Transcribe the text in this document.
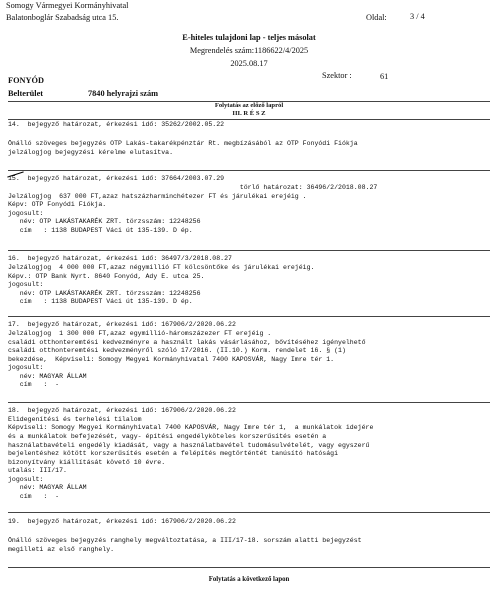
Somogy Vármegyei Kormányhivatal
Balatonboglár Szabadság utca 15.	Oldal:	3 / 4
E-hiteles tulajdoni lap - teljes másolat
Megrendelés szám:1186622/4/2025
2025.08.17
Szektor :	61
FONYÓD
Belterület	7840 helyrajzi szám
Folytatás az előző lapról
III. R É S Z
14.  bejegyző határozat, érkezési idő: 35262/2002.05.22
Önálló szöveges bejegyzés OTP Lakás-takarékpénztár Rt. megbízásából az OTP Fonyódi Fiókja
jelzálogjog bejegyzési kérelme elutasítva.
15.  bejegyző határozat, érkezési idő: 37664/2003.07.29
törlő határozat: 36496/2/2018.08.27
Jelzálogjog  637 000 FT,azaz hatszázharminchétezer FT és járulékai erejéig .
Képv: OTP Fonyódi Fiókja.
jogosult:
név: OTP LAKÁSTAKARÉK ZRT. törzsszám: 12248256
cím   : 1138 BUDAPEST Váci út 135-139. D ép.
16.  bejegyző határozat, érkezési idő: 36497/3/2018.08.27
Jelzálogjog  4 000 000 FT,azaz négymillió FT kölcsöntőke és járulékai erejéig.
Képv.: OTP Bank Nyrt. 8640 Fonyód, Ady E. utca 25.
jogosult:
név: OTP LAKÁSTAKARÉK ZRT. törzsszám: 12248256
cím   : 1138 BUDAPEST Váci út 135-139. D ép.
17.  bejegyző határozat, érkezési idő: 167906/2/2020.06.22
Jelzálogjog  1 300 000 FT,azaz egymillió-háromszázezer FT erejéig .
családi otthonteremtési kedvezményre a használt lakás vásárlásához, bővítéséhez igényelhető
családi otthonteremtési kedvezményről szóló 17/2016. (II.10.) Korm. rendelet 16. § (1)
bekezdése,  Képviseli: Somogy Megyei Kormányhivatal 7400 KAPOSVÁR, Nagy Imre tér 1.
jogosult:
név: MAGYAR ÁLLAM
cím   :  -
18.  bejegyző határozat, érkezési idő: 167906/2/2020.06.22
Elidegenítési és terhelési tilalom
Képviseli: Somogy Megyei Kormányhivatal 7400 KAPOSVÁR, Nagy Imre tér 1,  a munkálatok idejére
és a munkálatok befejezését, vagy- építési engedélyköteles korszerűsítés esetén a
használatbavételi engedély kiadását, vagy a használatbavétel tudomásulvételét, vagy egyszerű
bejelentéshez kötött korszerűsítés esetén a felépítés megtörténtét tanúsító hatósági
bizonyítvány kiállítását követő 10 évre.
utalás: III/17.
jogosult:
név: MAGYAR ÁLLAM
cím   :  -
19.  bejegyző határozat, érkezési idő: 167906/2/2020.06.22
Önálló szöveges bejegyzés ranghely megváltoztatása, a III/17-18. sorszám alatti bejegyzést
megilleti az első ranghely.
Folytatás a következő lapon
